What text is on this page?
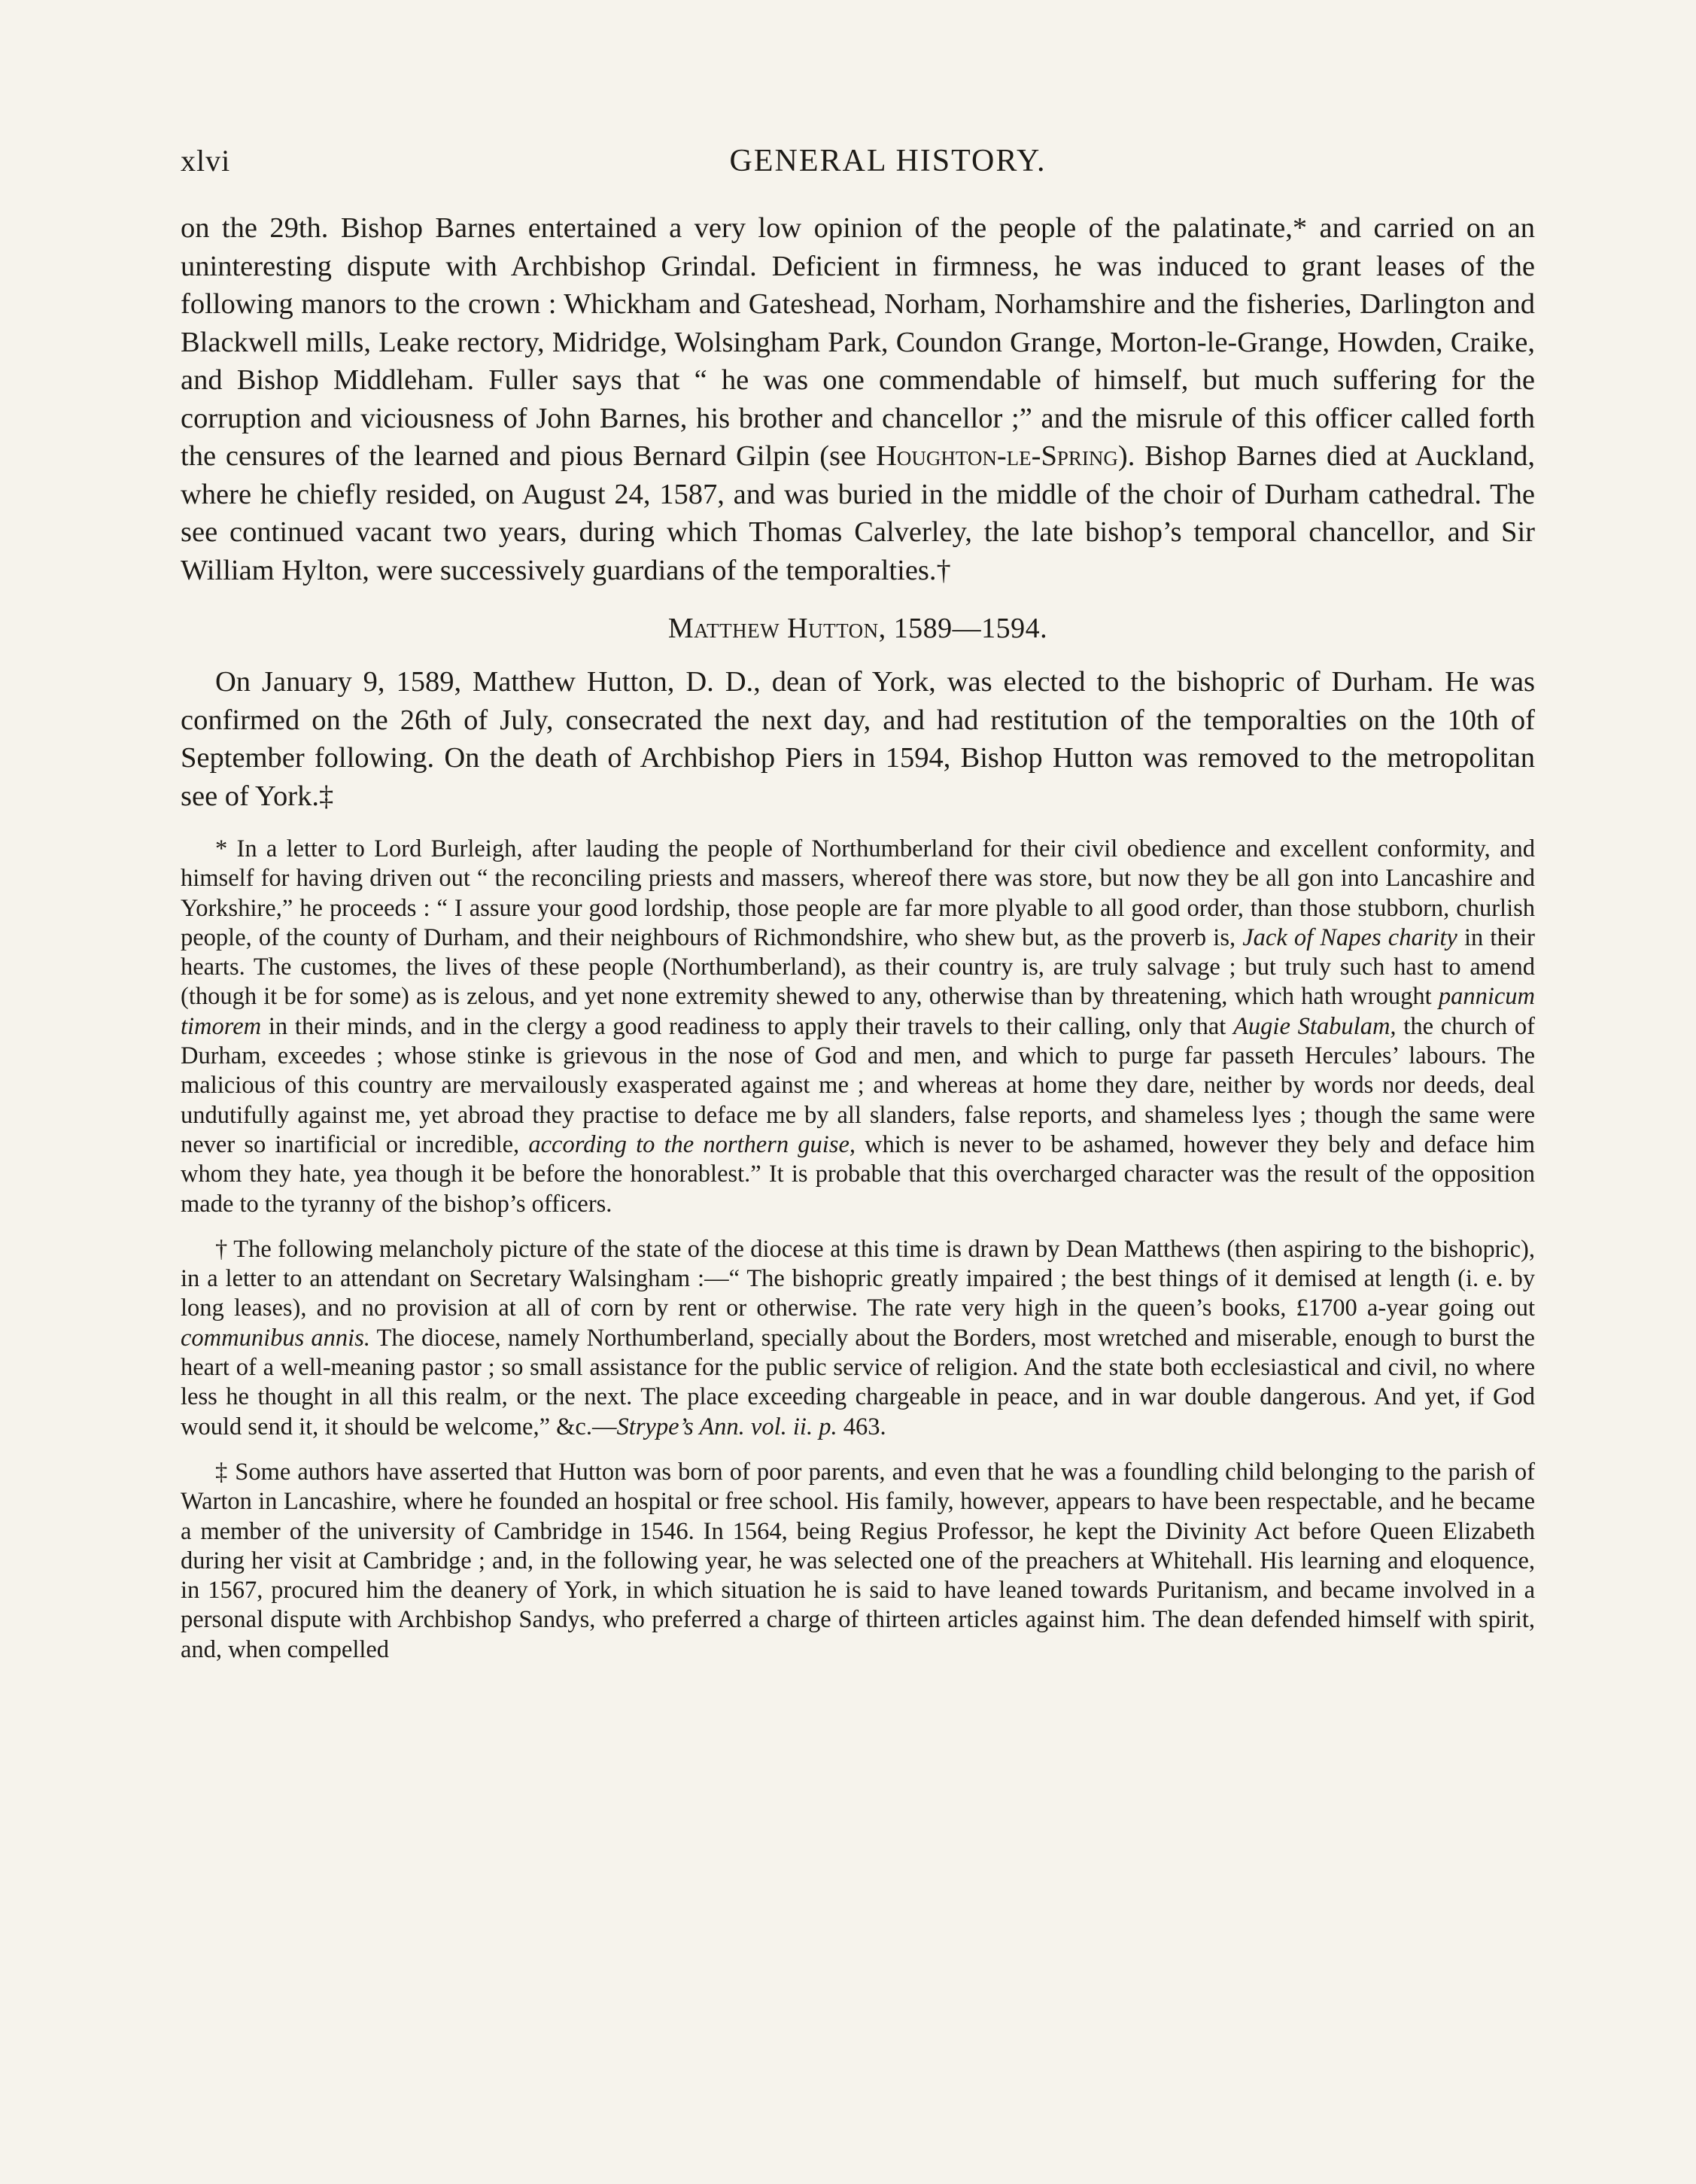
xlvi	GENERAL HISTORY.

on the 29th. Bishop Barnes entertained a very low opinion of the people of the palatinate,* and carried on an uninteresting dispute with Archbishop Grindal. Deficient in firmness, he was induced to grant leases of the following manors to the crown : Whickham and Gateshead, Norham, Norhamshire and the fisheries, Darlington and Blackwell mills, Leake rectory, Midridge, Wolsingham Park, Coundon Grange, Morton-le-Grange, Howden, Craike, and Bishop Middleham. Fuller says that “ he was one commendable of himself, but much suffering for the corruption and viciousness of John Barnes, his brother and chancellor ;” and the misrule of this officer called forth the censures of the learned and pious Bernard Gilpin (see Houghton-le-Spring). Bishop Barnes died at Auckland, where he chiefly resided, on August 24, 1587, and was buried in the middle of the choir of Durham cathedral. The see continued vacant two years, during which Thomas Calverley, the late bishop’s temporal chancellor, and Sir William Hylton, were successively guardians of the temporalties.†

Matthew Hutton, 1589—1594.

On January 9, 1589, Matthew Hutton, D. D., dean of York, was elected to the bishopric of Durham. He was confirmed on the 26th of July, consecrated the next day, and had restitution of the temporalties on the 10th of September following. On the death of Archbishop Piers in 1594, Bishop Hutton was removed to the metropolitan see of York.‡

* In a letter to Lord Burleigh, after lauding the people of Northumberland for their civil obedience and excellent conformity, and himself for having driven out “ the reconciling priests and massers, whereof there was store, but now they be all gon into Lancashire and Yorkshire,” he proceeds : “ I assure your good lordship, those people are far more plyable to all good order, than those stubborn, churlish people, of the county of Durham, and their neighbours of Richmondshire, who shew but, as the proverb is, Jack of Napes charity in their hearts. The customes, the lives of these people (Northumberland), as their country is, are truly salvage ; but truly such hast to amend (though it be for some) as is zelous, and yet none extremity shewed to any, otherwise than by threatening, which hath wrought pannicum timorem in their minds, and in the clergy a good readiness to apply their travels to their calling, only that Augie Stabulam, the church of Durham, exceedes ; whose stinke is grievous in the nose of God and men, and which to purge far passeth Hercules’ labours. The malicious of this country are mervailously exasperated against me ; and whereas at home they dare, neither by words nor deeds, deal undutifully against me, yet abroad they practise to deface me by all slanders, false reports, and shameless lyes ; though the same were never so inartificial or incredible, according to the northern guise, which is never to be ashamed, however they bely and deface him whom they hate, yea though it be before the honorablest.” It is probable that this overcharged character was the result of the opposition made to the tyranny of the bishop’s officers.

† The following melancholy picture of the state of the diocese at this time is drawn by Dean Matthews (then aspiring to the bishopric), in a letter to an attendant on Secretary Walsingham :—“ The bishopric greatly impaired ; the best things of it demised at length (i. e. by long leases), and no provision at all of corn by rent or otherwise. The rate very high in the queen’s books, £1700 a-year going out communibus annis. The diocese, namely Northumberland, specially about the Borders, most wretched and miserable, enough to burst the heart of a well-meaning pastor ; so small assistance for the public service of religion. And the state both ecclesiastical and civil, no where less he thought in all this realm, or the next. The place exceeding chargeable in peace, and in war double dangerous. And yet, if God would send it, it should be welcome,” &c.—Strype’s Ann. vol. ii. p. 463.

‡ Some authors have asserted that Hutton was born of poor parents, and even that he was a foundling child belonging to the parish of Warton in Lancashire, where he founded an hospital or free school. His family, however, appears to have been respectable, and he became a member of the university of Cambridge in 1546. In 1564, being Regius Professor, he kept the Divinity Act before Queen Elizabeth during her visit at Cambridge ; and, in the following year, he was selected one of the preachers at Whitehall. His learning and eloquence, in 1567, procured him the deanery of York, in which situation he is said to have leaned towards Puritanism, and became involved in a personal dispute with Archbishop Sandys, who preferred a charge of thirteen articles against him. The dean defended himself with spirit, and, when compelled
